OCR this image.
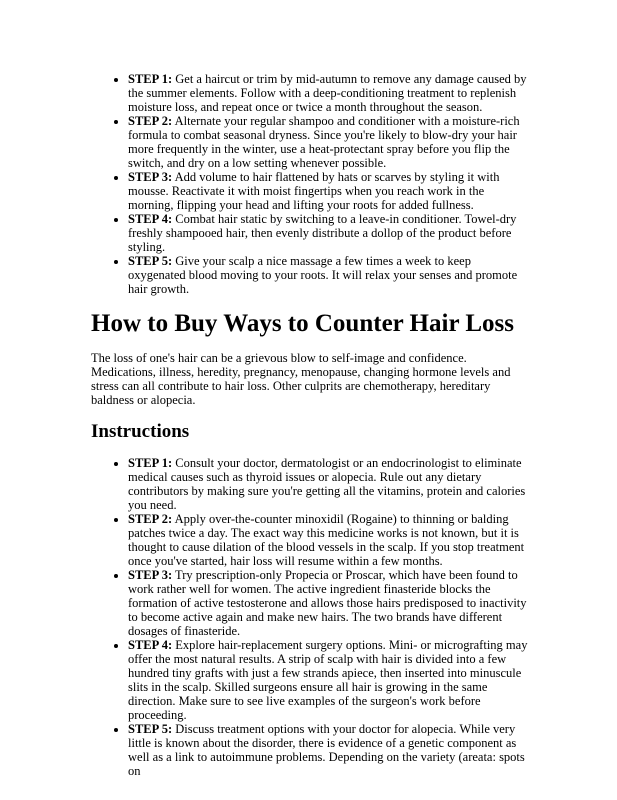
• STEP 1: Get a haircut or trim by mid-autumn to remove any damage caused by the summer elements. Follow with a deep-conditioning treatment to replenish moisture loss, and repeat once or twice a month throughout the season.
• STEP 2: Alternate your regular shampoo and conditioner with a moisture-rich formula to combat seasonal dryness. Since you're likely to blow-dry your hair more frequently in the winter, use a heat-protectant spray before you flip the switch, and dry on a low setting whenever possible.
• STEP 3: Add volume to hair flattened by hats or scarves by styling it with mousse. Reactivate it with moist fingertips when you reach work in the morning, flipping your head and lifting your roots for added fullness.
• STEP 4: Combat hair static by switching to a leave-in conditioner. Towel-dry freshly shampooed hair, then evenly distribute a dollop of the product before styling.
• STEP 5: Give your scalp a nice massage a few times a week to keep oxygenated blood moving to your roots. It will relax your senses and promote hair growth.
How to Buy Ways to Counter Hair Loss

The loss of one's hair can be a grievous blow to self-image and confidence. Medications, illness, heredity, pregnancy, menopause, changing hormone levels and stress can all contribute to hair loss. Other culprits are chemotherapy, hereditary baldness or alopecia.

Instructions
• STEP 1: Consult your doctor, dermatologist or an endocrinologist to eliminate medical causes such as thyroid issues or alopecia. Rule out any dietary contributors by making sure you're getting all the vitamins, protein and calories you need.
• STEP 2: Apply over-the-counter minoxidil (Rogaine) to thinning or balding patches twice a day. The exact way this medicine works is not known, but it is thought to cause dilation of the blood vessels in the scalp. If you stop treatment once you've started, hair loss will resume within a few months.
• STEP 3: Try prescription-only Propecia or Proscar, which have been found to work rather well for women. The active ingredient finasteride blocks the formation of active testosterone and allows those hairs predisposed to inactivity to become active again and make new hairs. The two brands have different dosages of finasteride.
• STEP 4: Explore hair-replacement surgery options. Mini- or micrografting may offer the most natural results. A strip of scalp with hair is divided into a few hundred tiny grafts with just a few strands apiece, then inserted into minuscule slits in the scalp. Skilled surgeons ensure all hair is growing in the same direction. Make sure to see live examples of the surgeon's work before proceeding.
• STEP 5: Discuss treatment options with your doctor for alopecia. While very little is known about the disorder, there is evidence of a genetic component as well as a link to autoimmune problems. Depending on the variety (areata: spots on
